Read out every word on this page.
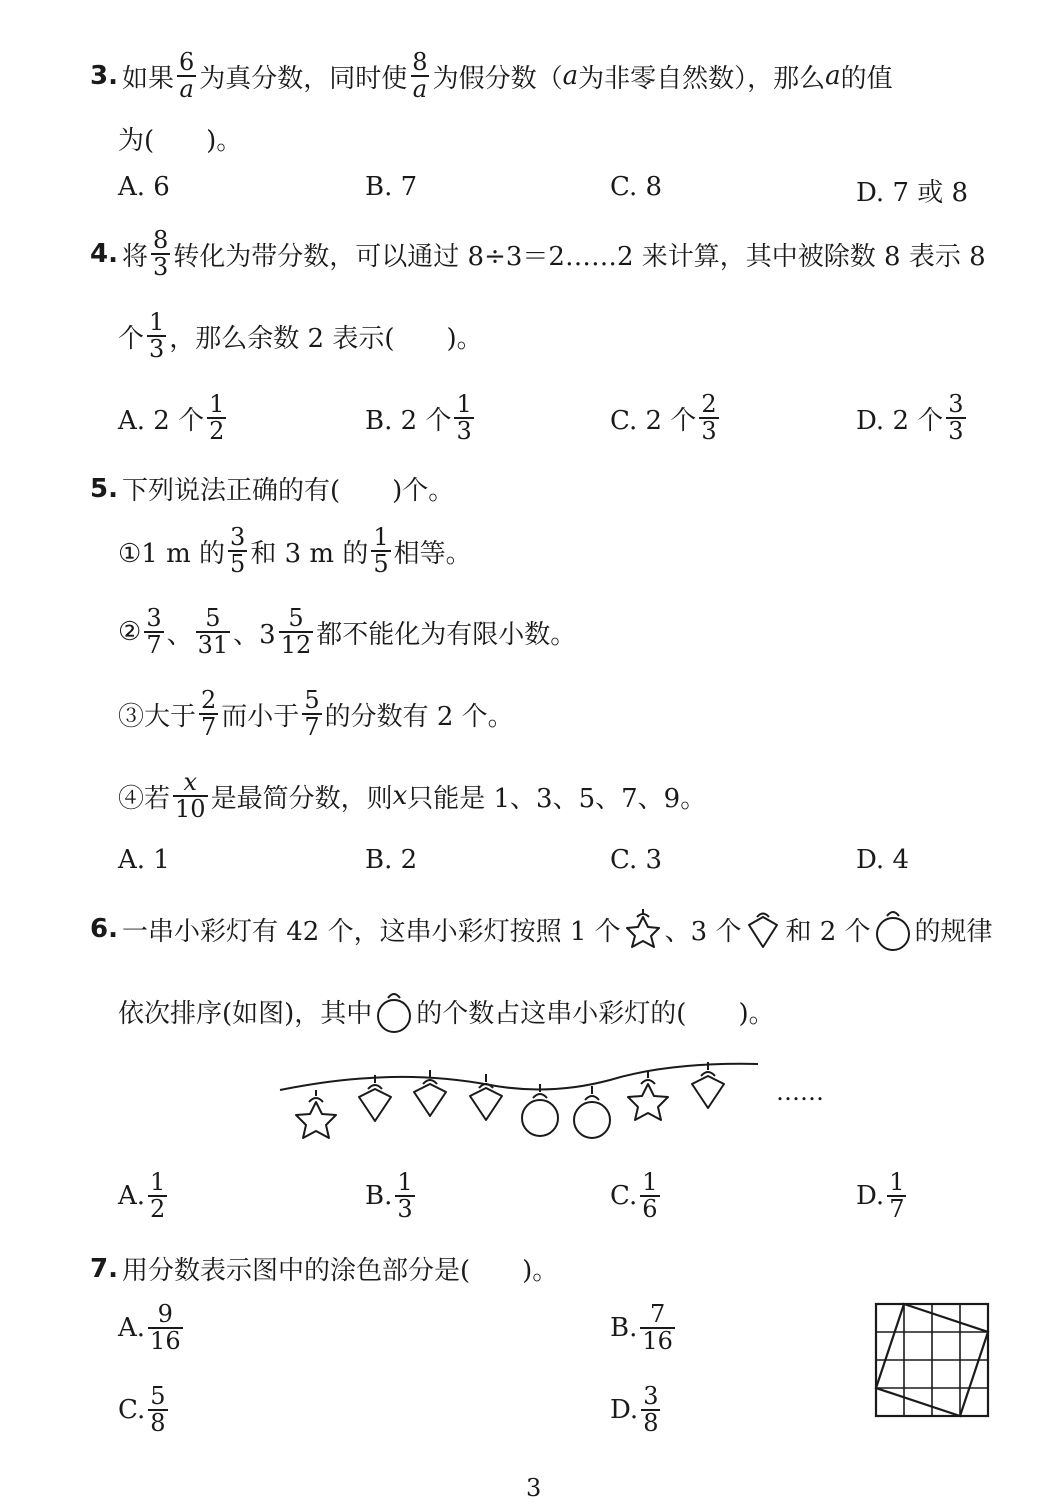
3. 如果 $\frac{6}{a}$ 为真分数，同时使 $\frac{8}{a}$ 为假分数（ a 为非零自然数），那么 a 的值
为(　　)。
A. 6	B. 7	C. 8	D. 7 或 8
4. 将 $\frac{8}{3}$ 转化为带分数，可以通过 8÷3＝2……2 来计算，其中被除数 8 表示 8
个 $\frac{1}{3}$ ，那么余数 2 表示(　　)。
A. 2 个 $\frac{1}{2}$	B. 2 个 $\frac{1}{3}$	C. 2 个 $\frac{2}{3}$	D. 2 个 $\frac{3}{3}$
5. 下列说法正确的有(　　)个。
①1 m 的 $\frac{3}{5}$ 和 3 m 的 $\frac{1}{5}$ 相等。
② $\frac{3}{7}$ 、 $\frac{5}{31}$ 、$3 \frac{5}{12}$ 都不能化为有限小数。
③大于 $\frac{2}{7}$ 而小于 $\frac{5}{7}$ 的分数有 2 个。
④若 $\frac{x}{10}$ 是最简分数，则 x 只能是 1、3、5、7、9。
A. 1	B. 2	C. 3	D. 4
6. 一串小彩灯有 42 个，这串小彩灯按照 1 个 、3 个 和 2 个 的规律
依次排序(如图)，其中 的个数占这串小彩灯的(　　)。
……
A. $\frac{1}{2}$	B. $\frac{1}{3}$	C. $\frac{1}{6}$	D. $\frac{1}{7}$
7. 用分数表示图中的涂色部分是(　　)。
A. $\frac{9}{16}$	B. $\frac{7}{16}$
C. $\frac{5}{8}$	D. $\frac{3}{8}$
3
